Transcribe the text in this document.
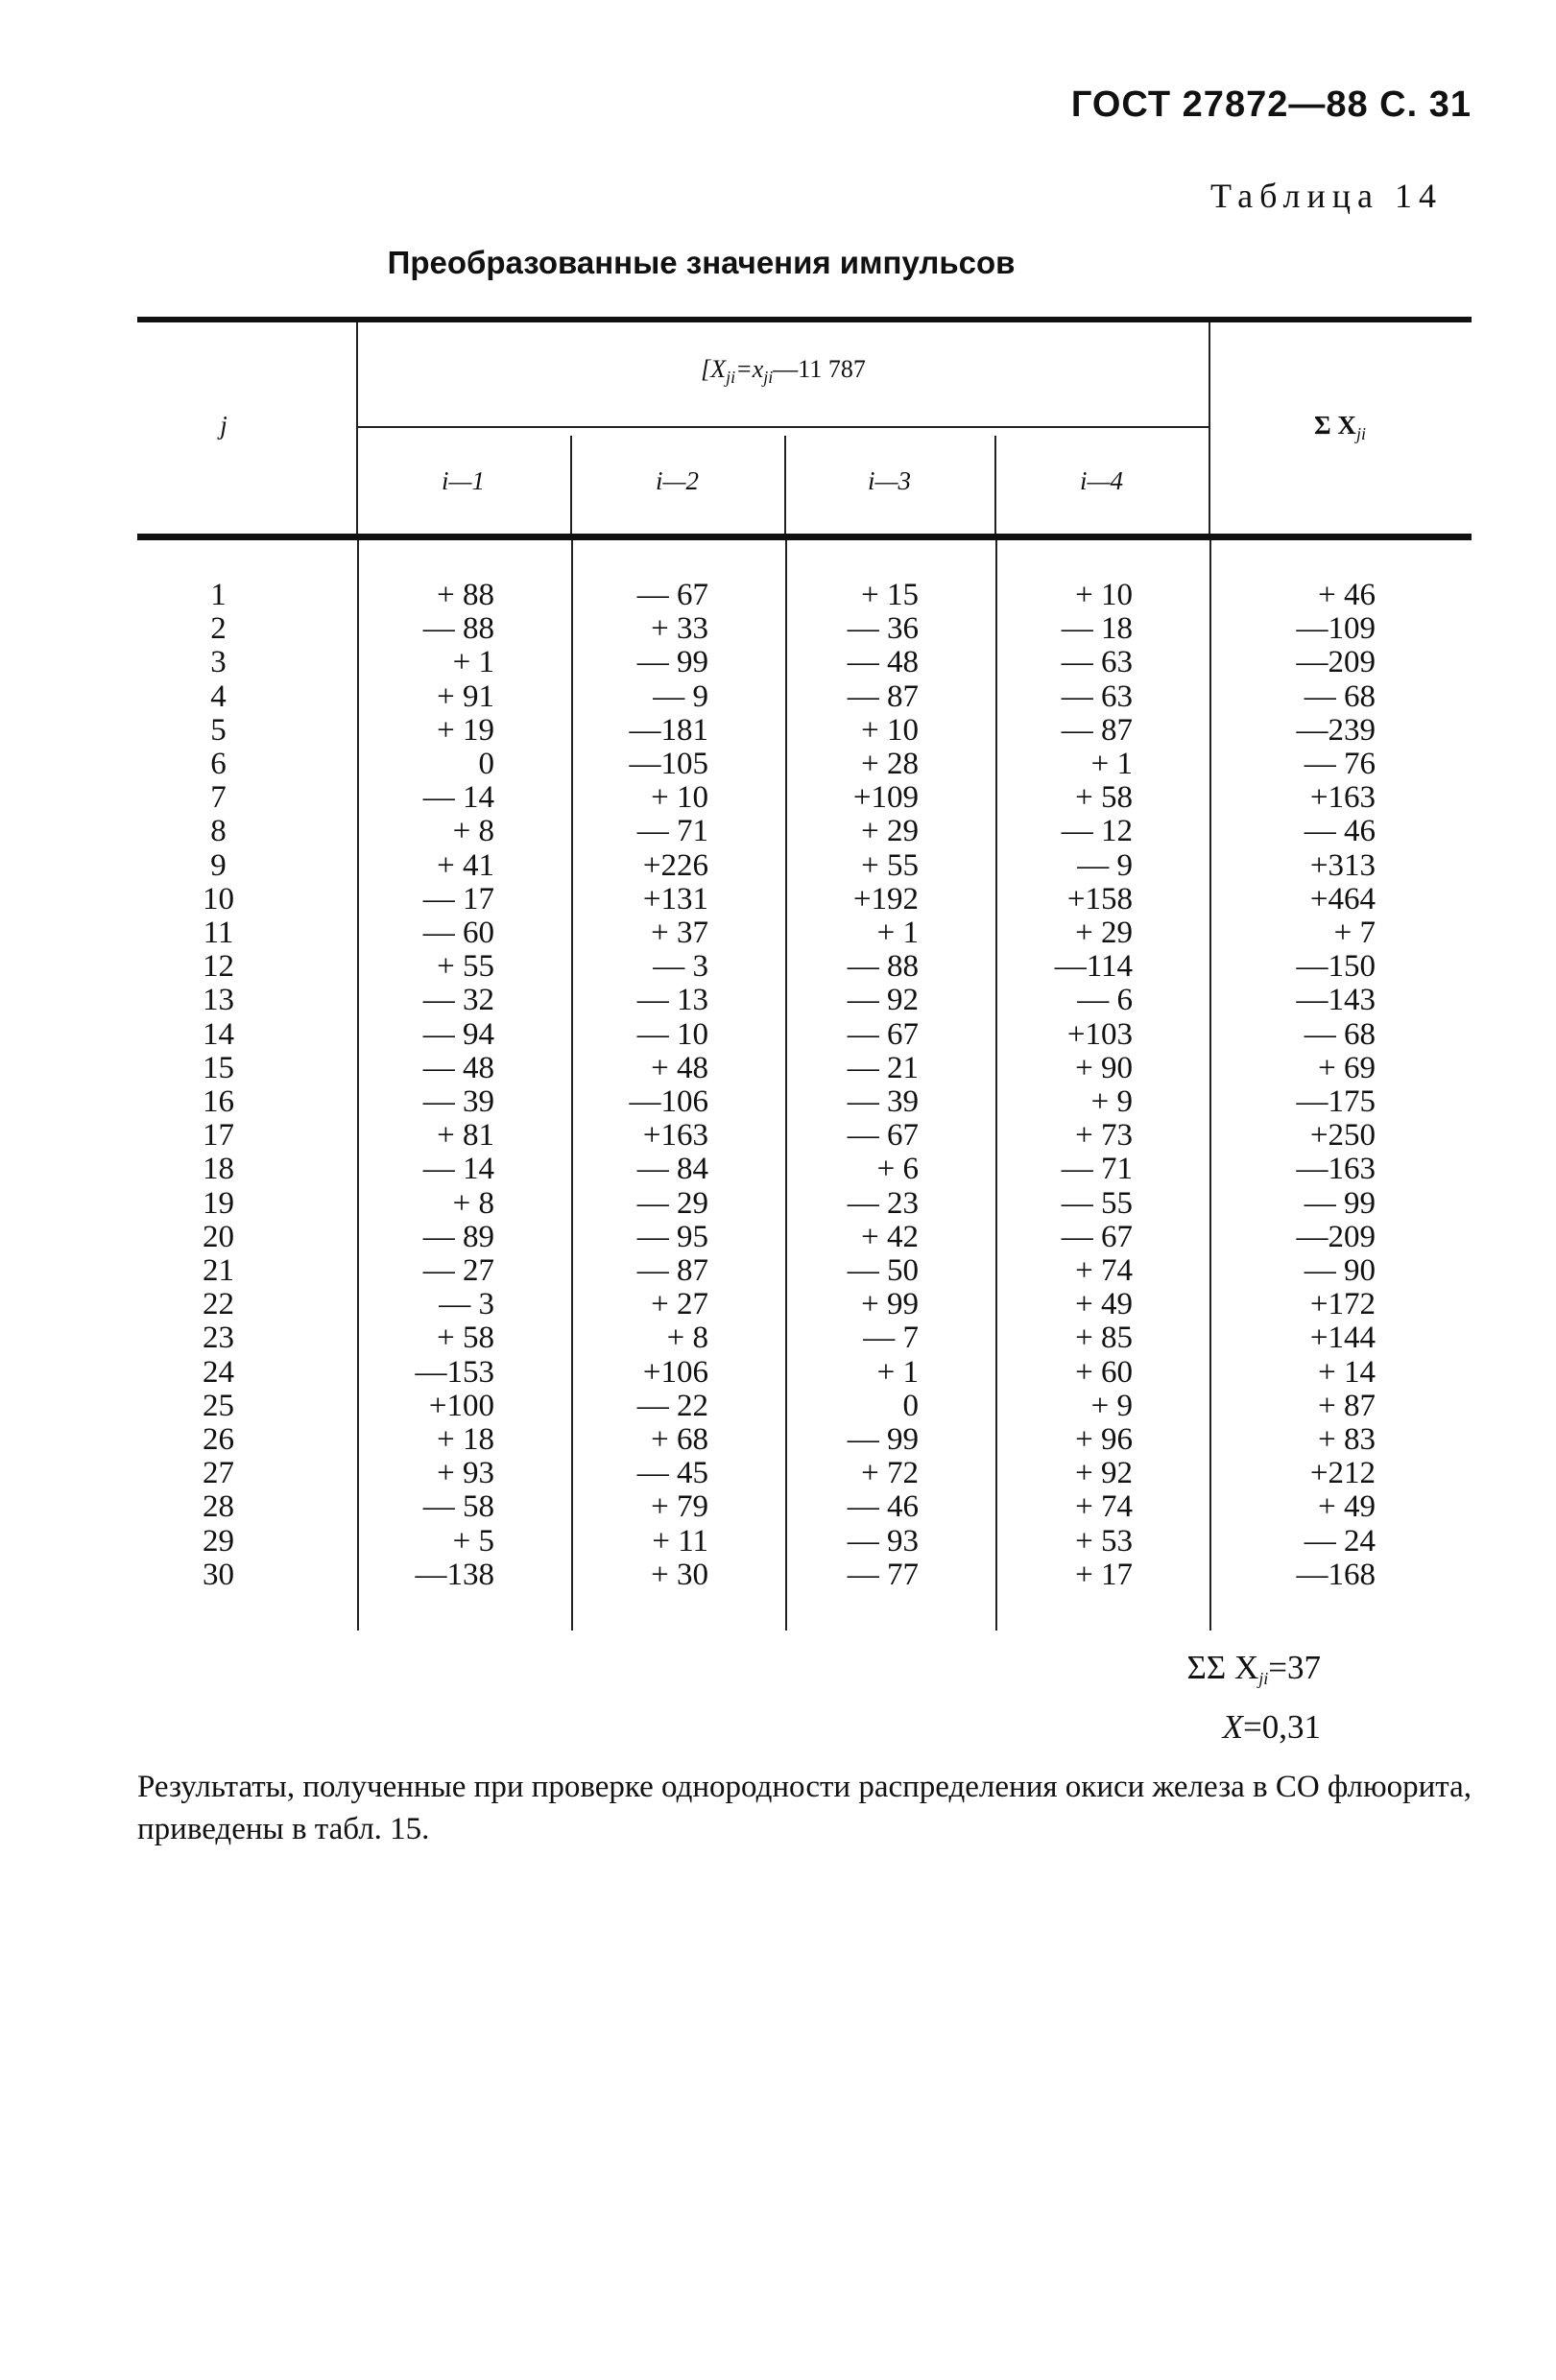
ГОСТ 27872—88 С. 31
Таблица 14
Преобразованные значения импульсов
j
[$X_{ji}=x_{ji}—11$ 787
i—1	i—2	i—3	i—4
Σ $X_{ji}$

1	+ 88	— 67	+ 15	+ 10	+ 46
2	— 88	+ 33	— 36	— 18	—109
3	+ 1	— 99	— 48	— 63	—209
4	+ 91	— 9	— 87	— 63	— 68
5	+ 19	—181	+ 10	— 87	—239
6	0	—105	+ 28	+ 1	— 76
7	— 14	+ 10	+109	+ 58	+163
8	+ 8	— 71	+ 29	— 12	— 46
9	+ 41	+226	+ 55	— 9	+313
10	— 17	+131	+192	+158	+464
11	— 60	+ 37	+ 1	+ 29	+ 7
12	+ 55	— 3	— 88	—114	—150
13	— 32	— 13	— 92	— 6	—143
14	— 94	— 10	— 67	+103	— 68
15	— 48	+ 48	— 21	+ 90	+ 69
16	— 39	—106	— 39	+ 9	—175
17	+ 81	+163	— 67	+ 73	+250
18	— 14	— 84	+ 6	— 71	—163
19	+ 8	— 29	— 23	— 55	— 99
20	— 89	— 95	+ 42	— 67	—209
21	— 27	— 87	— 50	+ 74	— 90
22	— 3	+ 27	+ 99	+ 49	+172
23	+ 58	+ 8	— 7	+ 85	+144
24	—153	+106	+ 1	+ 60	+ 14
25	+100	— 22	0	+ 9	+ 87
26	+ 18	+ 68	— 99	+ 96	+ 83
27	+ 93	— 45	+ 72	+ 92	+212
28	— 58	+ 79	— 46	+ 74	+ 49
29	+ 5	+ 11	— 93	+ 53	— 24
30	—138	+ 30	— 77	+ 17	—168

ΣΣ $X_{ji}=37$
X=0,31
Результаты, полученные при проверке однородности распределения окиси железа в СО флюорита, приведены в табл. 15.
